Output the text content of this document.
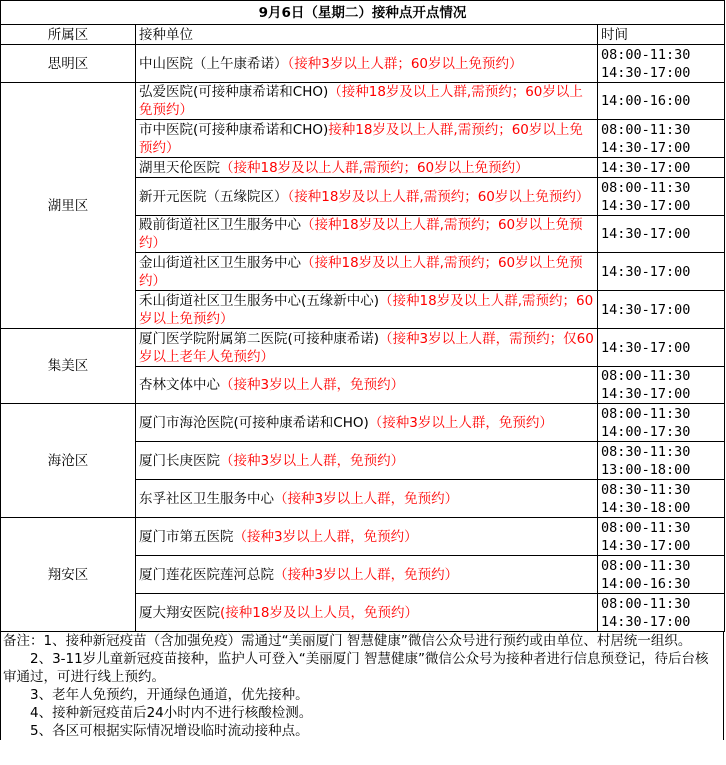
9月6日（星期二）接种点开点情况		
所属区	接种单位	时间
思明区	中山医院（上午康希诺）（接种3岁以上人群；60岁以上免预约）	08:00-11:30
14:30-17:00

湖里区	弘爱医院(可接种康希诺和CHO)（接种18岁及以上人群,需预约；60岁以上免预约）	14:00-16:00

	市中医院(可接种康希诺和CHO)接种18岁及以上人群,需预约；60岁以上免预约）	08:00-11:30
14:30-17:00

	湖里天伦医院（接种18岁及以上人群,需预约；60岁以上免预约）	14:30-17:00

	新开元医院（五缘院区）（接种18岁及以上人群,需预约；60岁以上免预约）	08:00-11:30
14:30-17:00

	殿前街道社区卫生服务中心（接种18岁及以上人群,需预约；60岁以上免预约）	14:30-17:00

	金山街道社区卫生服务中心（接种18岁及以上人群,需预约；60岁以上免预约）	14:30-17:00

	禾山街道社区卫生服务中心(五缘新中心)（接种18岁及以上人群,需预约；60岁以上免预约）	14:30-17:00

集美区	厦门医学院附属第二医院(可接种康希诺)（接种3岁以上人群，需预约；仅60岁以上老年人免预约）	14:30-17:00

	杏林文体中心（接种3岁以上人群，免预约）	08:00-11:30
14:30-17:00

海沧区	厦门市海沧医院(可接种康希诺和CHO)（接种3岁以上人群，免预约）	08:00-11:30
14:00-17:30

	厦门长庚医院（接种3岁以上人群，免预约）	08:30-11:30
13:00-18:00

	东孚社区卫生服务中心（接种3岁以上人群，免预约）	08:30-11:30
14:30-18:00

翔安区	厦门市第五医院（接种3岁以上人群，免预约）	08:00-11:30
14:30-17:00

	厦门莲花医院莲河总院（接种3岁以上人群，免预约）	08:00-11:30
14:00-16:30

	厦大翔安医院(接种18岁及以上人员，免预约）	08:00-11:30
14:30-17:00

备注：1、接种新冠疫苗（含加强免疫）需通过“美丽厦门 智慧健康”微信公众号进行预约或由单位、村居统一组织。

2、3-11岁儿童新冠疫苗接种，监护人可登入“美丽厦门 智慧健康”微信公众号为接种者进行信息预登记，待后台核审通过，可进行线上预约。

3、老年人免预约，开通绿色通道，优先接种。

4、接种新冠疫苗后24小时内不进行核酸检测。

5、各区可根据实际情况增设临时流动接种点。
